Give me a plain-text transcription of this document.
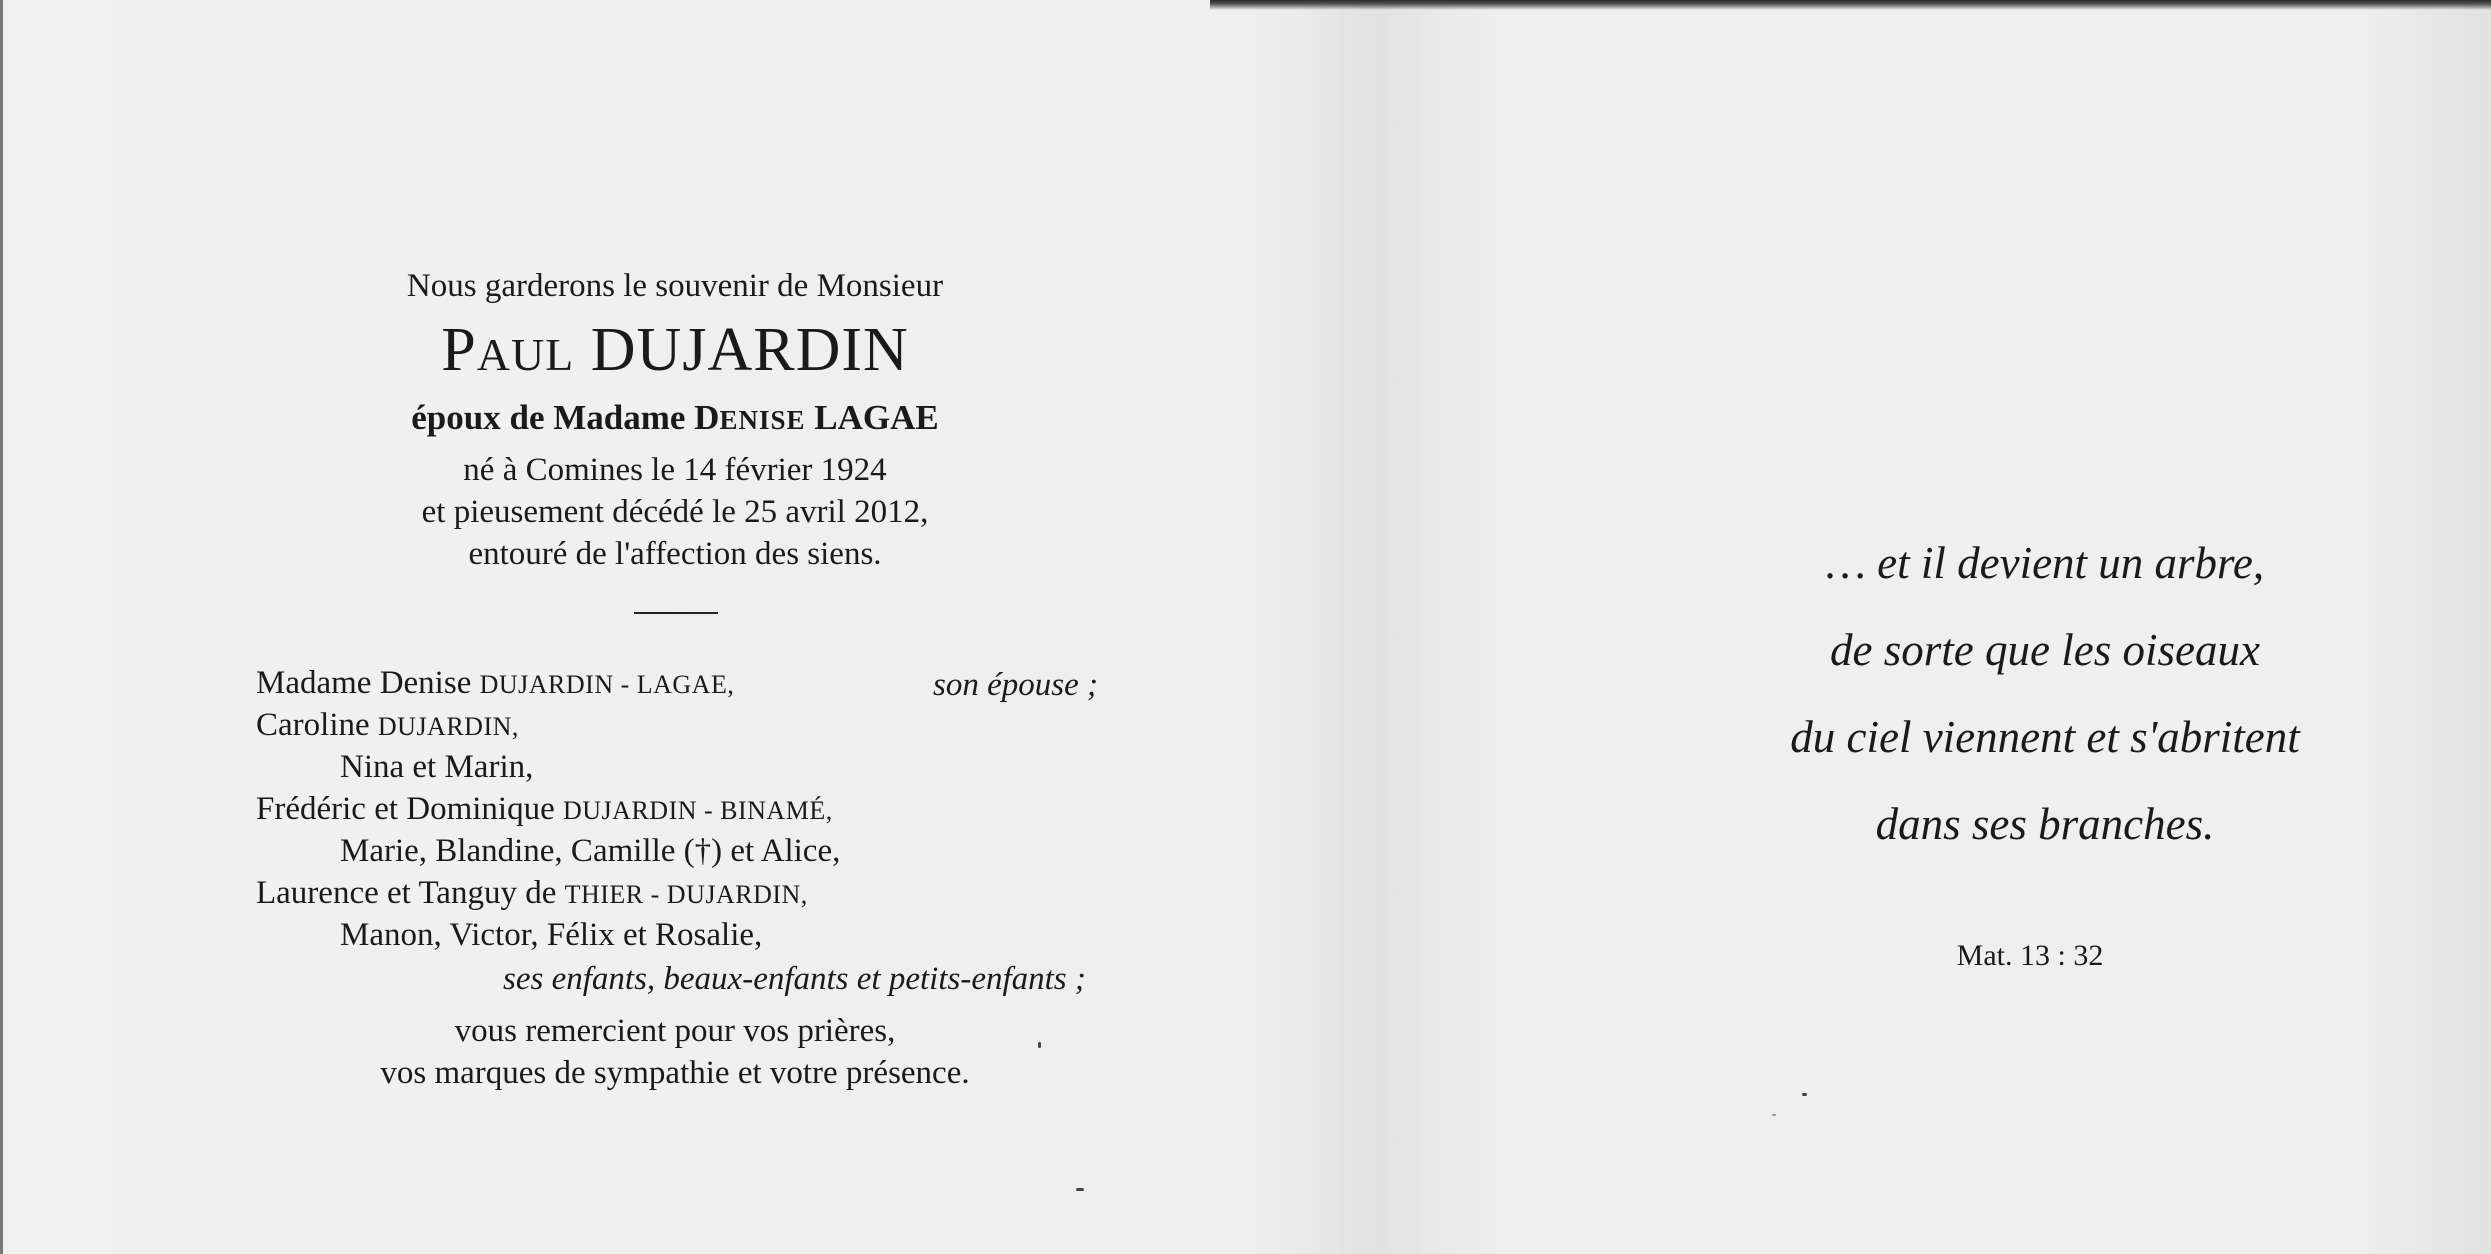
Nous garderons le souvenir de Monsieur
PAUL DUJARDIN
époux de Madame DENISE LAGAE
né à Comines le 14 février 1924
et pieusement décédé le 25 avril 2012,
entouré de l'affection des siens.
Madame Denise DUJARDIN - LAGAE,	son épouse ;
Caroline DUJARDIN,
Nina et Marin,
Frédéric et Dominique DUJARDIN - BINAMÉ,
Marie, Blandine, Camille (†) et Alice,
Laurence et Tanguy de THIER - DUJARDIN,
Manon, Victor, Félix et Rosalie,
ses enfants, beaux-enfants et petits-enfants ;
vous remercient pour vos prières,
vos marques de sympathie et votre présence.
… et il devient un arbre,
de sorte que les oiseaux
du ciel viennent et s'abritent
dans ses branches.
Mat. 13 : 32
